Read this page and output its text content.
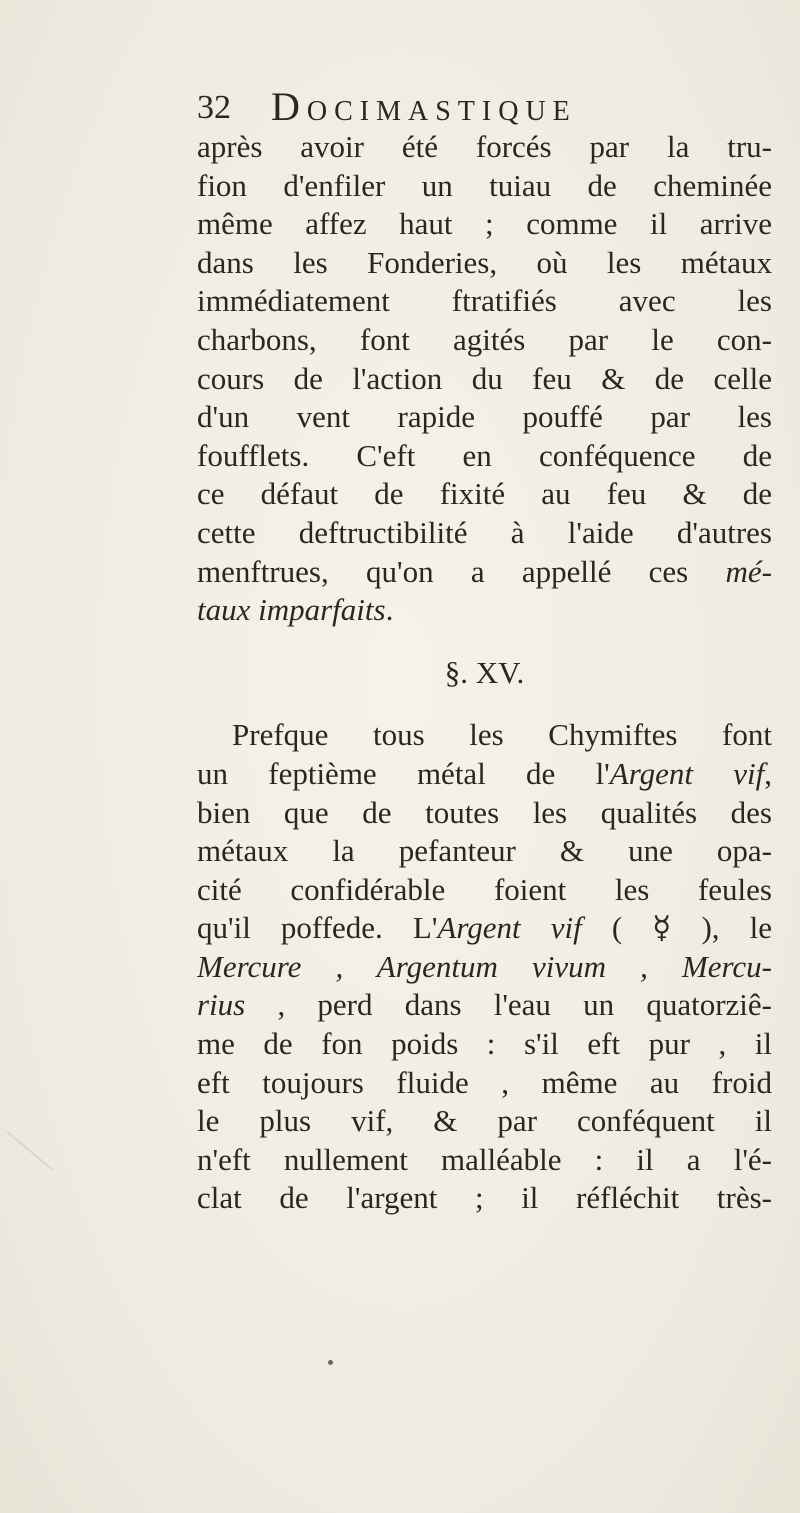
32 Docimastique
après avoir été forcés par la tru-
fion d'enfiler un tuiau de cheminée
même affez haut ; comme il arrive
dans les Fonderies, où les métaux
immédiatement ftratifiés avec les
charbons, font agités par le con-
cours de l'action du feu & de celle
d'un vent rapide pouffé par les
foufflets. C'eft en conféquence de
ce défaut de fixité au feu & de
cette deftructibilité à l'aide d'autres
menftrues, qu'on a appellé ces mé-
taux imparfaits.
§. XV.
Prefque tous les Chymiftes font
un feptième métal de l'Argent vif,
bien que de toutes les qualités des
métaux la pefanteur & une opa-
cité confidérable foient les feules
qu'il poffede. L'Argent vif ( ☿ ), le
Mercure , Argentum vivum , Mercu-
rius , perd dans l'eau un quatorziê-
me de fon poids : s'il eft pur , il
eft toujours fluide , même au froid
le plus vif, & par conféquent il
n'eft nullement malléable : il a l'é-
clat de l'argent ; il réfléchit très-
